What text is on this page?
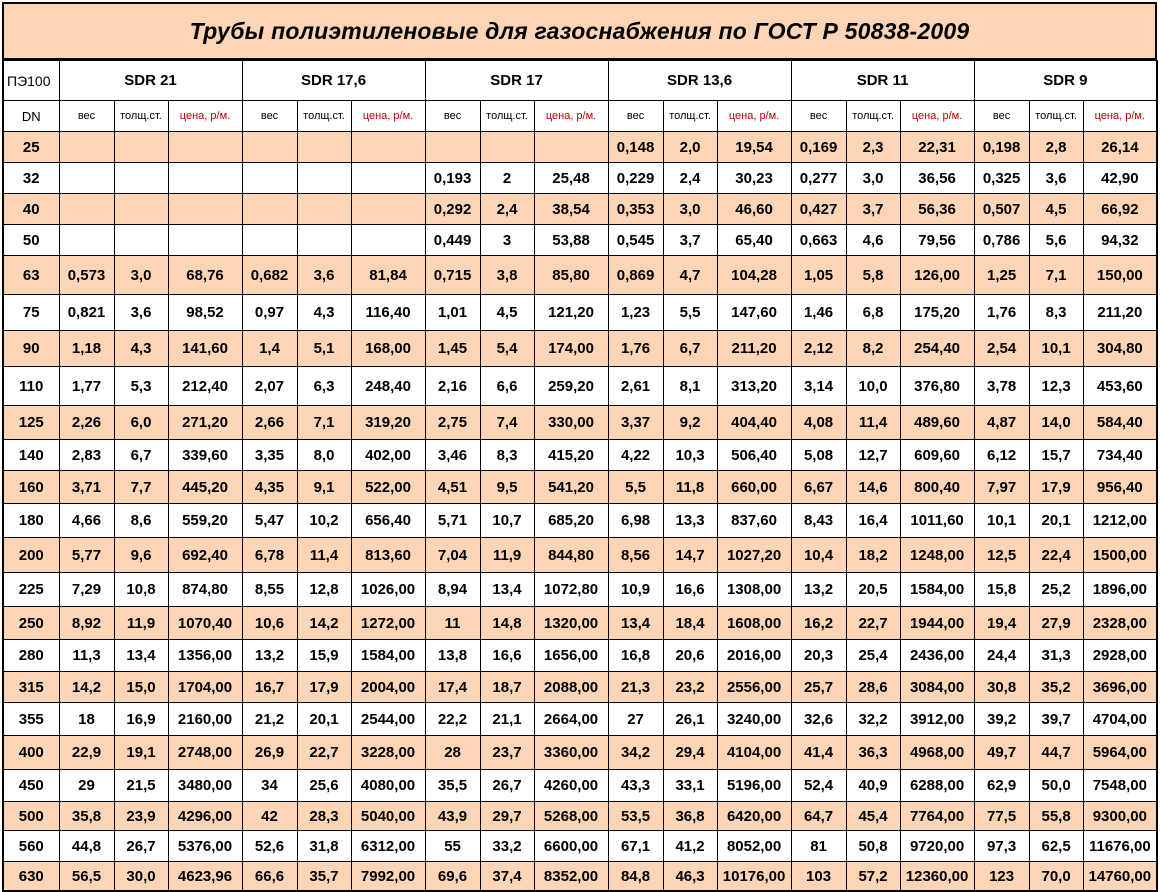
Трубы полиэтиленовые для газоснабжения по ГОСТ Р 50838-2009
ПЭ100	SDR 21			SDR 17,6			SDR 17			SDR 13,6			SDR 11			SDR 9		
DN	вес	толщ.ст.	цена, р/м.	вес	толщ.ст.	цена, р/м.	вес	толщ.ст.	цена, р/м.	вес	толщ.ст.	цена, р/м.	вес	толщ.ст.	цена, р/м.	вес	толщ.ст.	цена, р/м.
25										0,148	2,0	19,54	0,169	2,3	22,31	0,198	2,8	26,14
32							0,193	2	25,48	0,229	2,4	30,23	0,277	3,0	36,56	0,325	3,6	42,90
40							0,292	2,4	38,54	0,353	3,0	46,60	0,427	3,7	56,36	0,507	4,5	66,92
50							0,449	3	53,88	0,545	3,7	65,40	0,663	4,6	79,56	0,786	5,6	94,32
63	0,573	3,0	68,76	0,682	3,6	81,84	0,715	3,8	85,80	0,869	4,7	104,28	1,05	5,8	126,00	1,25	7,1	150,00
75	0,821	3,6	98,52	0,97	4,3	116,40	1,01	4,5	121,20	1,23	5,5	147,60	1,46	6,8	175,20	1,76	8,3	211,20
90	1,18	4,3	141,60	1,4	5,1	168,00	1,45	5,4	174,00	1,76	6,7	211,20	2,12	8,2	254,40	2,54	10,1	304,80
110	1,77	5,3	212,40	2,07	6,3	248,40	2,16	6,6	259,20	2,61	8,1	313,20	3,14	10,0	376,80	3,78	12,3	453,60
125	2,26	6,0	271,20	2,66	7,1	319,20	2,75	7,4	330,00	3,37	9,2	404,40	4,08	11,4	489,60	4,87	14,0	584,40
140	2,83	6,7	339,60	3,35	8,0	402,00	3,46	8,3	415,20	4,22	10,3	506,40	5,08	12,7	609,60	6,12	15,7	734,40
160	3,71	7,7	445,20	4,35	9,1	522,00	4,51	9,5	541,20	5,5	11,8	660,00	6,67	14,6	800,40	7,97	17,9	956,40
180	4,66	8,6	559,20	5,47	10,2	656,40	5,71	10,7	685,20	6,98	13,3	837,60	8,43	16,4	1011,60	10,1	20,1	1212,00
200	5,77	9,6	692,40	6,78	11,4	813,60	7,04	11,9	844,80	8,56	14,7	1027,20	10,4	18,2	1248,00	12,5	22,4	1500,00
225	7,29	10,8	874,80	8,55	12,8	1026,00	8,94	13,4	1072,80	10,9	16,6	1308,00	13,2	20,5	1584,00	15,8	25,2	1896,00
250	8,92	11,9	1070,40	10,6	14,2	1272,00	11	14,8	1320,00	13,4	18,4	1608,00	16,2	22,7	1944,00	19,4	27,9	2328,00
280	11,3	13,4	1356,00	13,2	15,9	1584,00	13,8	16,6	1656,00	16,8	20,6	2016,00	20,3	25,4	2436,00	24,4	31,3	2928,00
315	14,2	15,0	1704,00	16,7	17,9	2004,00	17,4	18,7	2088,00	21,3	23,2	2556,00	25,7	28,6	3084,00	30,8	35,2	3696,00
355	18	16,9	2160,00	21,2	20,1	2544,00	22,2	21,1	2664,00	27	26,1	3240,00	32,6	32,2	3912,00	39,2	39,7	4704,00
400	22,9	19,1	2748,00	26,9	22,7	3228,00	28	23,7	3360,00	34,2	29,4	4104,00	41,4	36,3	4968,00	49,7	44,7	5964,00
450	29	21,5	3480,00	34	25,6	4080,00	35,5	26,7	4260,00	43,3	33,1	5196,00	52,4	40,9	6288,00	62,9	50,0	7548,00
500	35,8	23,9	4296,00	42	28,3	5040,00	43,9	29,7	5268,00	53,5	36,8	6420,00	64,7	45,4	7764,00	77,5	55,8	9300,00
560	44,8	26,7	5376,00	52,6	31,8	6312,00	55	33,2	6600,00	67,1	41,2	8052,00	81	50,8	9720,00	97,3	62,5	11676,00
630	56,5	30,0	4623,96	66,6	35,7	7992,00	69,6	37,4	8352,00	84,8	46,3	10176,00	103	57,2	12360,00	123	70,0	14760,00
